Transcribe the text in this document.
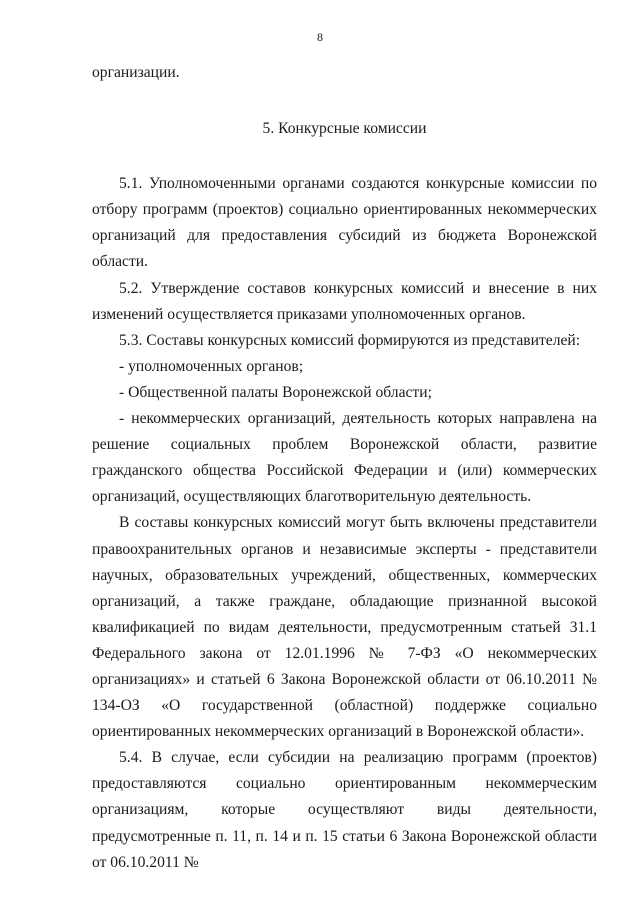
8

организации.

5. Конкурсные комиссии

5.1. Уполномоченными органами создаются конкурсные комиссии по отбору программ (проектов) социально ориентированных некоммерческих организаций для предоставления субсидий из бюджета Воронежской области.

5.2. Утверждение составов конкурсных комиссий и внесение в них изменений осуществляется приказами уполномоченных органов.

5.3. Составы конкурсных комиссий формируются из представителей:

- уполномоченных органов;

- Общественной палаты Воронежской области;

- некоммерческих организаций, деятельность которых направлена на решение социальных проблем Воронежской области, развитие гражданского общества Российской Федерации и (или) коммерческих организаций, осуществляющих благотворительную деятельность.

В составы конкурсных комиссий могут быть включены представители правоохранительных органов и независимые эксперты - представители научных, образовательных учреждений, общественных, коммерческих организаций, а также граждане, обладающие признанной высокой квалификацией по видам деятельности, предусмотренным статьей 31.1 Федерального закона от 12.01.1996 № 7-ФЗ «О некоммерческих организациях» и статьей 6 Закона Воронежской области от 06.10.2011 № 134-ОЗ «О государственной (областной) поддержке социально ориентированных некоммерческих организаций в Воронежской области».

5.4. В случае, если субсидии на реализацию программ (проектов) предоставляются социально ориентированным некоммерческим организациям, которые осуществляют виды деятельности, предусмотренные п. 11, п. 14 и п. 15 статьи 6 Закона Воронежской области от 06.10.2011 №
